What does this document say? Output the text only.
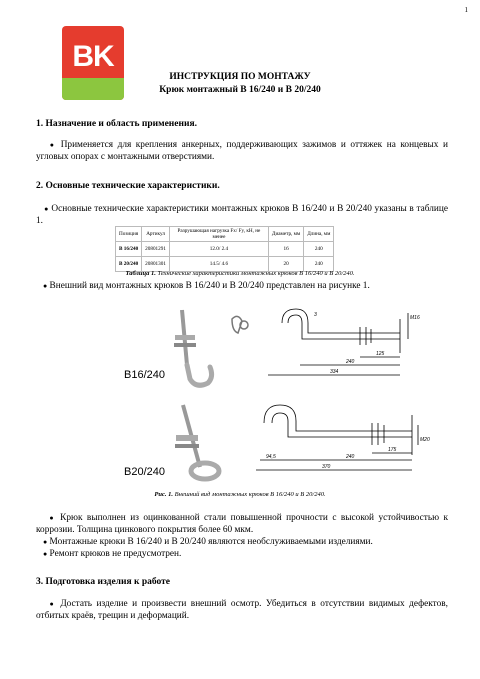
1
BK
ИНСТРУКЦИЯ ПО МОНТАЖУ
Крюк монтажный В 16/240 и В 20/240
1. Назначение и область применения.
● Применяется для крепления анкерных, поддерживающих зажимов и оттяжек на концевых и угловых опорах с монтажными отверстиями.
2. Основные технические характеристики.
● Основные технические характеристики монтажных крюков В 16/240 и В 20/240 указаны в таблице 1.
Позиция	Артикул	Разрушающая нагрузка Fx/ Fy, кН, не менее	Диаметр, мм	Длина, мм
В 16/240	20801291	12.0/ 2.4	16	240
В 20/240	20801301	14.5/ 4.6	20	240
Таблица 1. Технические характеристики монтажных крюков В 16/240 и В 20/240.
● Внешний вид монтажных крюков В 16/240 и В 20/240 представлен на рисунке 1.
В16/240
3	М16
240
125
334
В20/240
М20
175
94,5	240
370
Рис. 1. Внешний вид монтажных крюков В 16/240 и В 20/240.
● Крюк выполнен из оцинкованной стали повышенной прочности с высокой устойчивостью к коррозии. Толщина цинкового покрытия более 60 мкм.
● Монтажные крюки В 16/240 и В 20/240 являются необслуживаемыми изделиями.
● Ремонт крюков не предусмотрен.
3. Подготовка изделия к работе
● Достать изделие и произвести внешний осмотр. Убедиться в отсутствии видимых дефектов, отбитых краёв, трещин и деформаций.
